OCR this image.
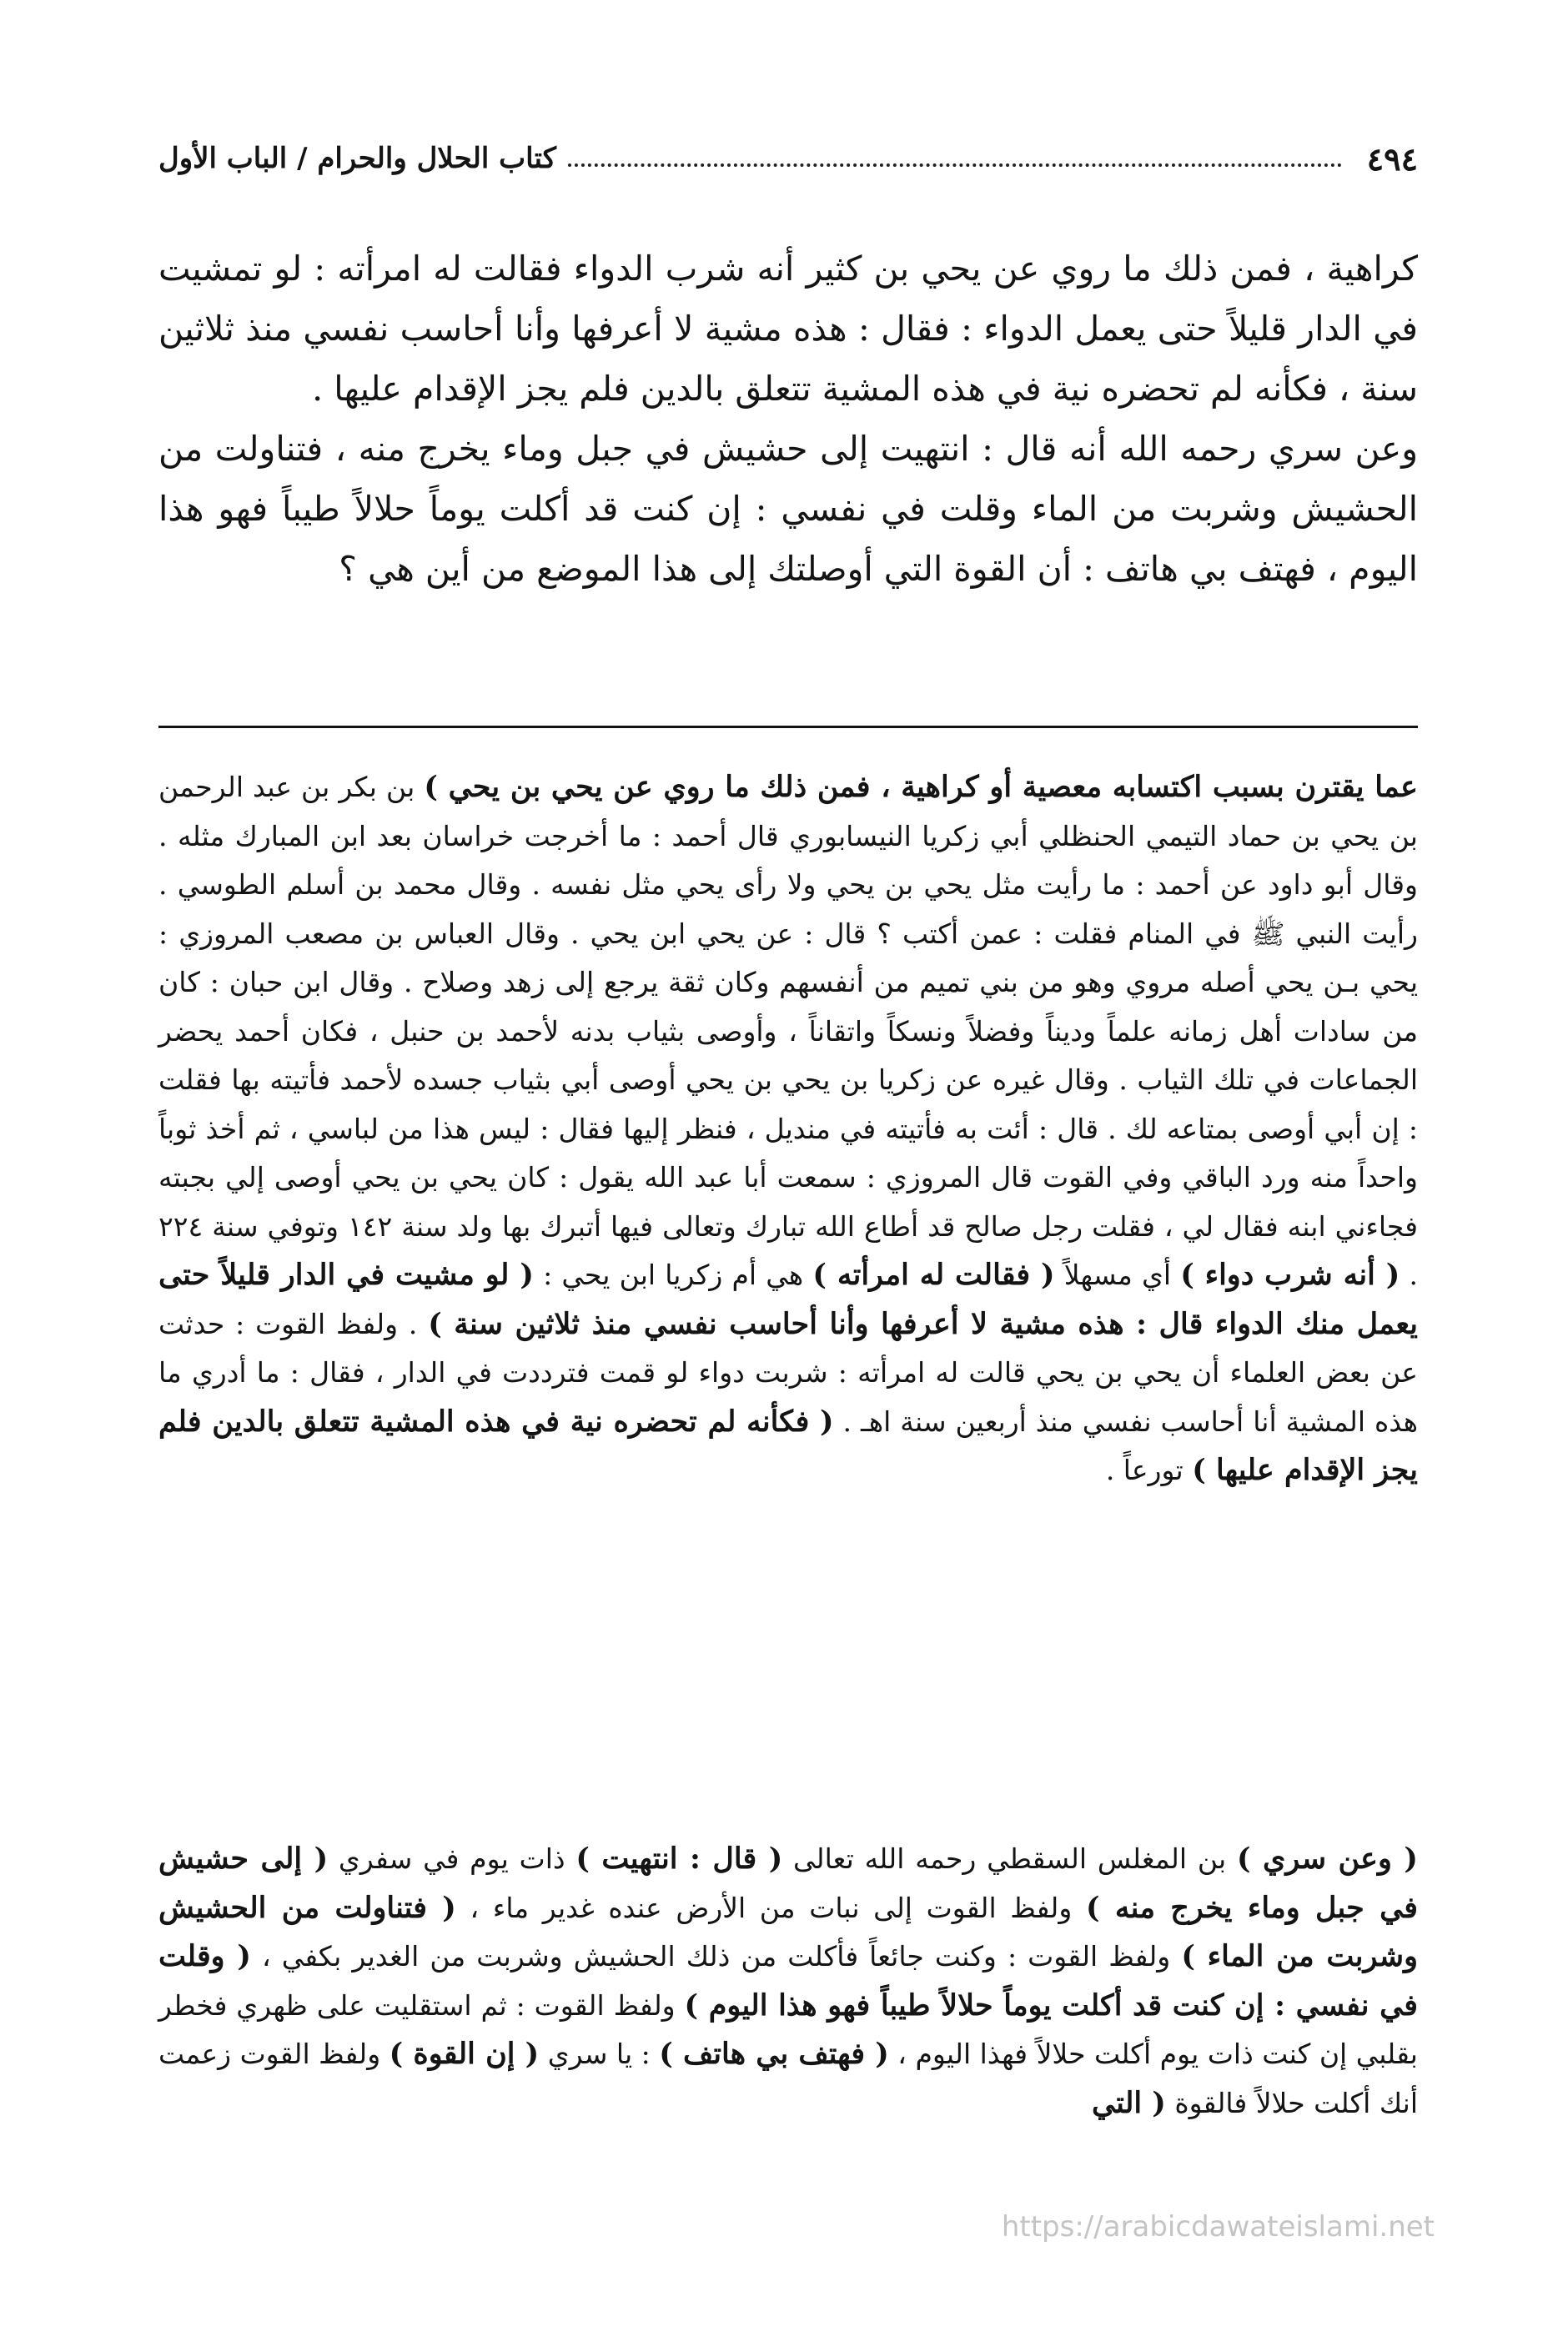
٤٩٤
كتاب الحلال والحرام / الباب الأول

كراهية ، فمن ذلك ما روي عن يحي بن كثير أنه شرب الدواء فقالت له امرأته : لو تمشيت في الدار قليلاً حتى يعمل الدواء : فقال : هذه مشية لا أعرفها وأنا أحاسب نفسي منذ ثلاثين سنة ، فكأنه لم تحضره نية في هذه المشية تتعلق بالدين فلم يجز الإقدام عليها .

وعن سري رحمه الله أنه قال : انتهيت إلى حشيش في جبل وماء يخرج منه ، فتناولت من الحشيش وشربت من الماء وقلت في نفسي : إن كنت قد أكلت يوماً حلالاً طيباً فهو هذا اليوم ، فهتف بي هاتف : أن القوة التي أوصلتك إلى هذا الموضع من أين هي ؟

عما يقترن بسبب اكتسابه معصية أو كراهية ، فمن ذلك ما روي عن يحي بن يحي ) بن بكر بن عبد الرحمن بن يحي بن حماد التيمي الحنظلي أبي زكريا النيسابوري قال أحمد : ما أخرجت خراسان بعد ابن المبارك مثله . وقال أبو داود عن أحمد : ما رأيت مثل يحي بن يحي ولا رأى يحي مثل نفسه . وقال محمد بن أسلم الطوسي . رأيت النبي ﷺ في المنام فقلت : عمن أكتب ؟ قال : عن يحي ابن يحي . وقال العباس بن مصعب المروزي : يحي بـن يحي أصله مروي وهو من بني تميم من أنفسهم وكان ثقة يرجع إلى زهد وصلاح . وقال ابن حبان : كان من سادات أهل زمانه علماً وديناً وفضلاً ونسكاً واتقاناً ، وأوصى بثياب بدنه لأحمد بن حنبل ، فكان أحمد يحضر الجماعات في تلك الثياب . وقال غيره عن زكريا بن يحي بن يحي أوصى أبي بثياب جسده لأحمد فأتيته بها فقلت : إن أبي أوصى بمتاعه لك . قال : أئت به فأتيته في منديل ، فنظر إليها فقال : ليس هذا من لباسي ، ثم أخذ ثوباً واحداً منه ورد الباقي وفي القوت قال المروزي : سمعت أبا عبد الله يقول : كان يحي بن يحي أوصى إلي بجبته فجاءني ابنه فقال لي ، فقلت رجل صالح قد أطاع الله تبارك وتعالى فيها أتبرك بها ولد سنة ١٤٢ وتوفي سنة ٢٢٤ . ( أنه شرب دواء ) أي مسهلاً ( فقالت له امرأته ) هي أم زكريا ابن يحي : ( لو مشيت في الدار قليلاً حتى يعمل منك الدواء قال : هذه مشية لا أعرفها وأنا أحاسب نفسي منذ ثلاثين سنة ) . ولفظ القوت : حدثت عن بعض العلماء أن يحي بن يحي قالت له امرأته : شربت دواء لو قمت فترددت في الدار ، فقال : ما أدري ما هذه المشية أنا أحاسب نفسي منذ أربعين سنة اهـ . ( فكأنه لم تحضره نية في هذه المشية تتعلق بالدين فلم يجز الإقدام عليها ) تورعاً .

( وعن سري ) بن المغلس السقطي رحمه الله تعالى ( قال : انتهيت ) ذات يوم في سفري ( إلى حشيش في جبل وماء يخرج منه ) ولفظ القوت إلى نبات من الأرض عنده غدير ماء ، ( فتناولت من الحشيش وشربت من الماء ) ولفظ القوت : وكنت جائعاً فأكلت من ذلك الحشيش وشربت من الغدير بكفي ، ( وقلت في نفسي : إن كنت قد أكلت يوماً حلالاً طيباً فهو هذا اليوم ) ولفظ القوت : ثم استقليت على ظهري فخطر بقلبي إن كنت ذات يوم أكلت حلالاً فهذا اليوم ، ( فهتف بي هاتف ) : يا سري ( إن القوة ) ولفظ القوت زعمت أنك أكلت حلالاً فالقوة ( التي

https://arabicdawateislami.net
